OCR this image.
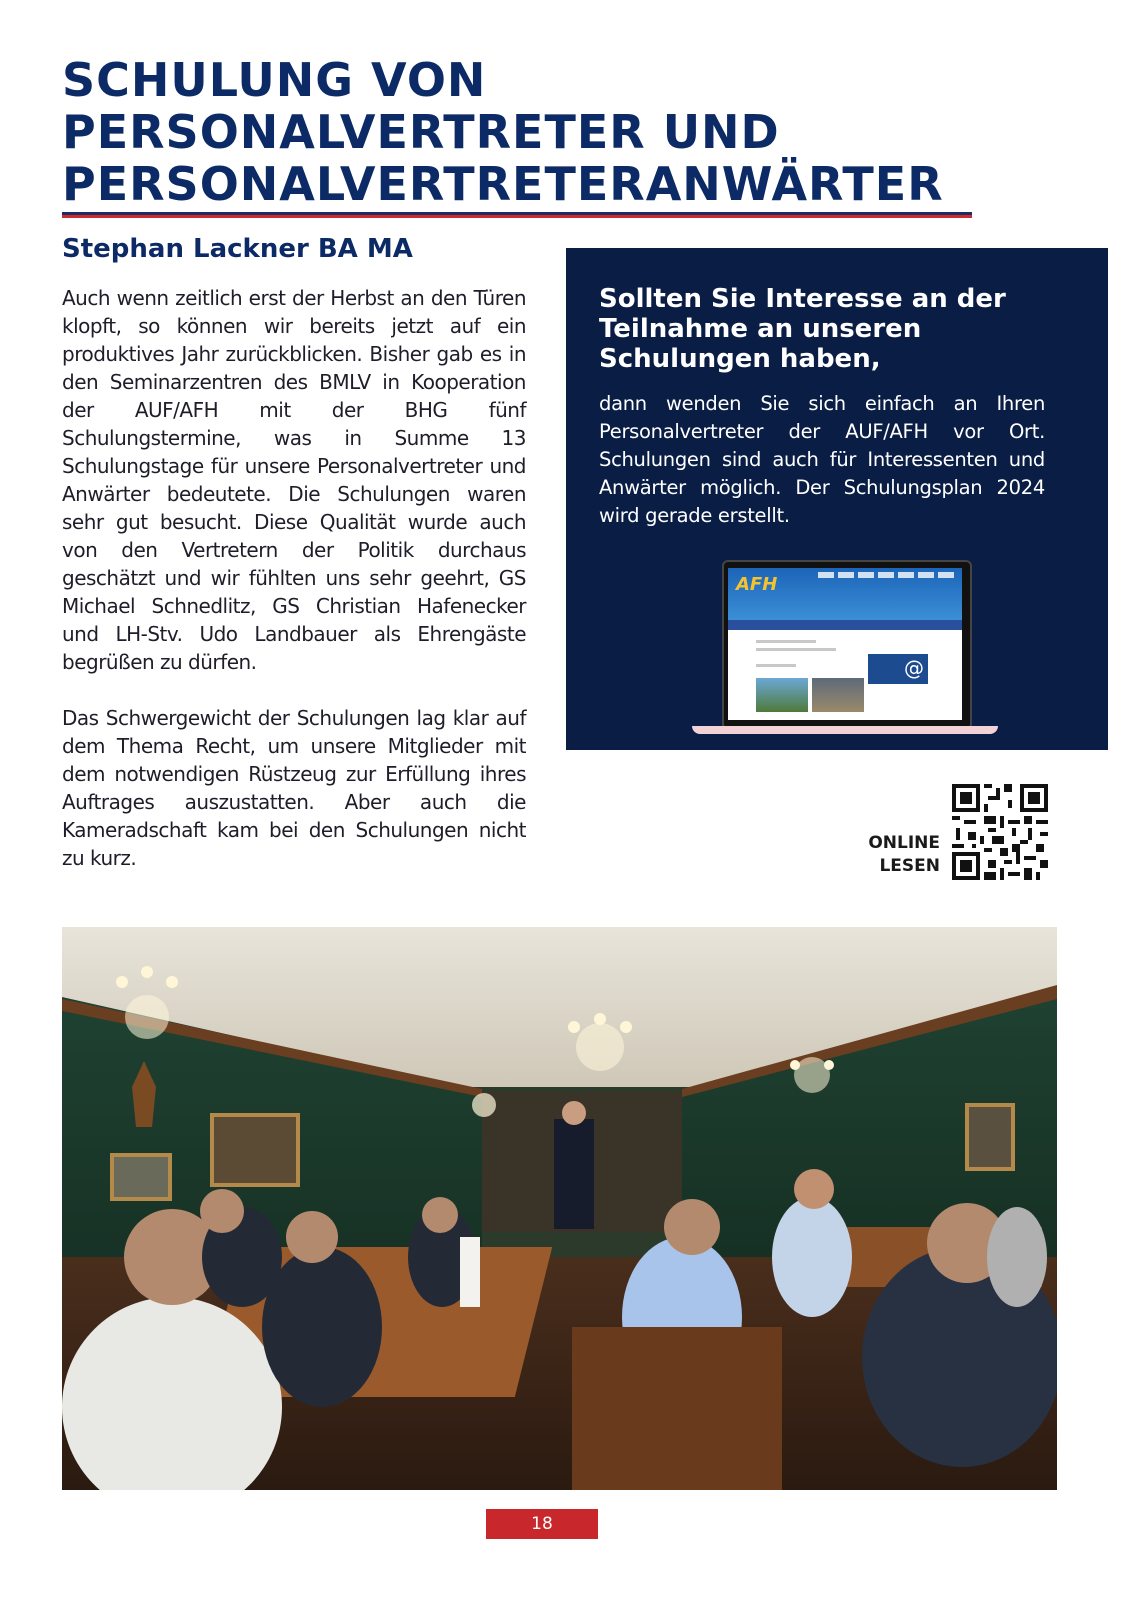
SCHULUNG VON
PERSONALVERTRETER UND
PERSONALVERTRETERANWÄRTER
Stephan Lackner BA MA

Auch wenn zeitlich erst der Herbst an den Türen klopft, so können wir bereits jetzt auf ein produktives Jahr zurückblicken. Bisher gab es in den Seminarzentren des BMLV in Kooperation der AUF/AFH mit der BHG fünf Schulungstermine, was in Summe 13 Schulungstage für unsere Personalvertreter und Anwärter bedeutete. Die Schulungen waren sehr gut besucht. Diese Qualität wurde auch von den Vertretern der Politik durchaus geschätzt und wir fühlten uns sehr geehrt, GS Michael Schnedlitz, GS Christian Hafenecker und LH-Stv. Udo Landbauer als Ehrengäste begrüßen zu dürfen.

Das Schwergewicht der Schulungen lag klar auf dem Thema Recht, um unsere Mitglieder mit dem notwendigen Rüstzeug zur Erfüllung ihres Auftrages auszustatten. Aber auch die Kameradschaft kam bei den Schulungen nicht zu kurz.

Sollten Sie Interesse an der Teilnahme an unseren Schulungen haben,

dann wenden Sie sich einfach an Ihren Personalvertreter der AUF/AFH vor Ort. Schulungen sind auch für Interessenten und Anwärter möglich. Der Schulungsplan 2024 wird gerade erstellt.

AFH
@
ONLINE
LESEN
18
